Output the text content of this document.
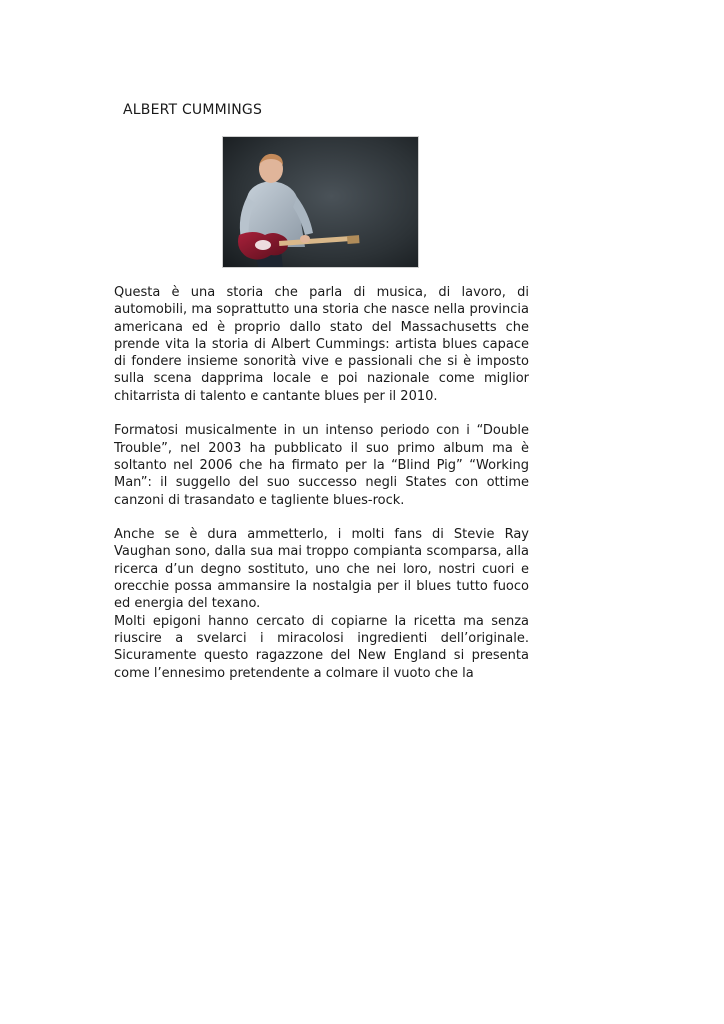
ALBERT CUMMINGS

Questa è una storia che parla di musica, di lavoro, di automobili, ma soprattutto una storia che nasce nella provincia americana ed è proprio dallo stato del Massachusetts che prende vita la storia di Albert Cummings: artista blues capace di fondere insieme sonorità vive e passionali che si è imposto sulla scena dapprima locale e poi nazionale come miglior chitarrista di talento e cantante blues per il 2010.

Formatosi musicalmente in un intenso periodo con i “Double Trouble”, nel 2003 ha pubblicato il suo primo album ma è soltanto nel 2006 che ha firmato per la “Blind Pig” “Working Man”: il suggello del suo successo negli States con ottime canzoni di trasandato e tagliente blues-rock.

Anche se è dura ammetterlo, i molti fans di Stevie Ray Vaughan sono, dalla sua mai troppo compianta scomparsa, alla ricerca d’un degno sostituto, uno che nei loro, nostri cuori e orecchie possa ammansire la nostalgia per il blues tutto fuoco ed energia del texano.

Molti epigoni hanno cercato di copiarne la ricetta ma senza riuscire a svelarci i miracolosi ingredienti dell’originale. Sicuramente questo ragazzone del New England si presenta come l’ennesimo pretendente a colmare il vuoto che la
